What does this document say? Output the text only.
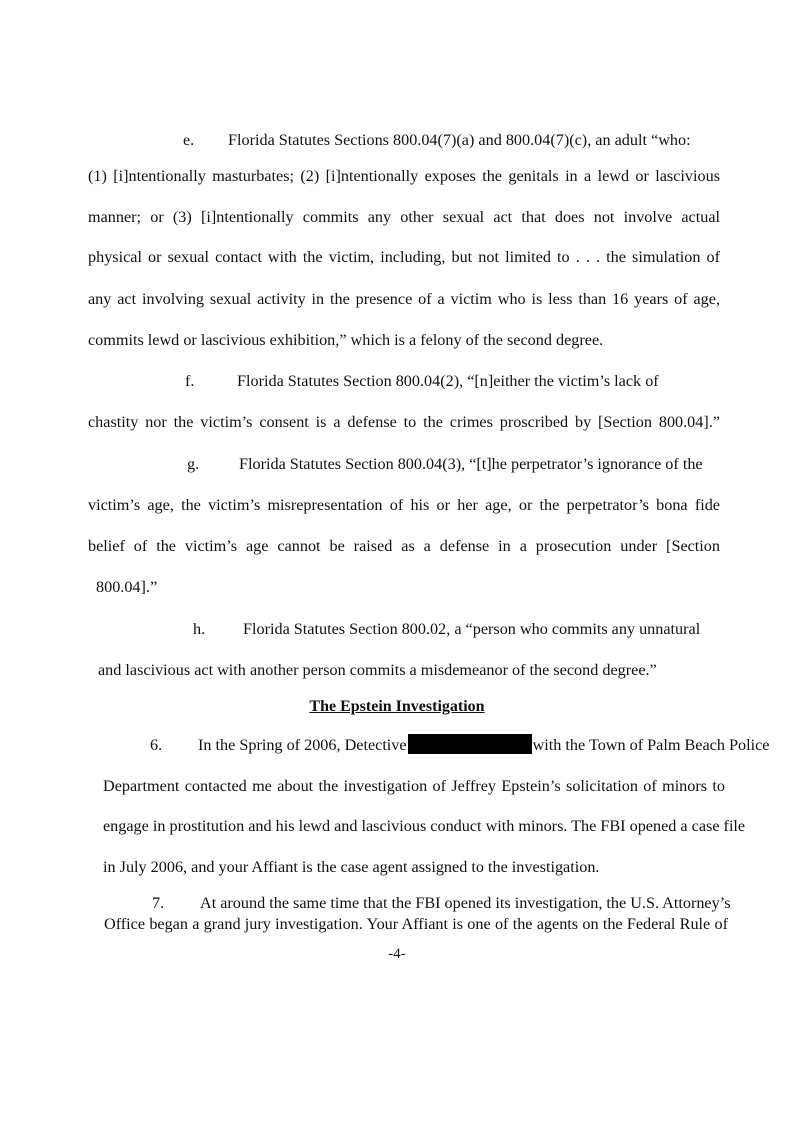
e. Florida Statutes Sections 800.04(7)(a) and 800.04(7)(c), an adult “who:
(1) [i]ntentionally masturbates; (2) [i]ntentionally exposes the genitals in a lewd or lascivious
manner; or (3) [i]ntentionally commits any other sexual act that does not involve actual
physical or sexual contact with the victim, including, but not limited to . . . the simulation of
any act involving sexual activity in the presence of a victim who is less than 16 years of age,
commits lewd or lascivious exhibition,” which is a felony of the second degree.
f.	Florida Statutes Section 800.04(2), “[n]either the victim’s lack of
chastity nor the victim’s consent is a defense to the crimes proscribed by [Section 800.04].”
g. Florida Statutes Section 800.04(3), “[t]he perpetrator’s ignorance of the
victim’s age, the victim’s misrepresentation of his or her age, or the perpetrator’s bona fide
belief of the victim’s age cannot be raised as a defense in a prosecution under [Section
800.04].”
h. Florida Statutes Section 800.02, a “person who commits any unnatural
and lascivious act with another person commits a misdemeanor of the second degree.”
The Epstein Investigation
6. In the Spring of 2006, Detective	with the Town of Palm Beach Police
Department contacted me about the investigation of Jeffrey Epstein’s solicitation of minors to
engage in prostitution and his lewd and lascivious conduct with minors. The FBI opened a case file
in July 2006, and your Affiant is the case agent assigned to the investigation.
7. At around the same time that the FBI opened its investigation, the U.S. Attorney’s
Office began a grand jury investigation. Your Affiant is one of the agents on the Federal Rule of
-4-
